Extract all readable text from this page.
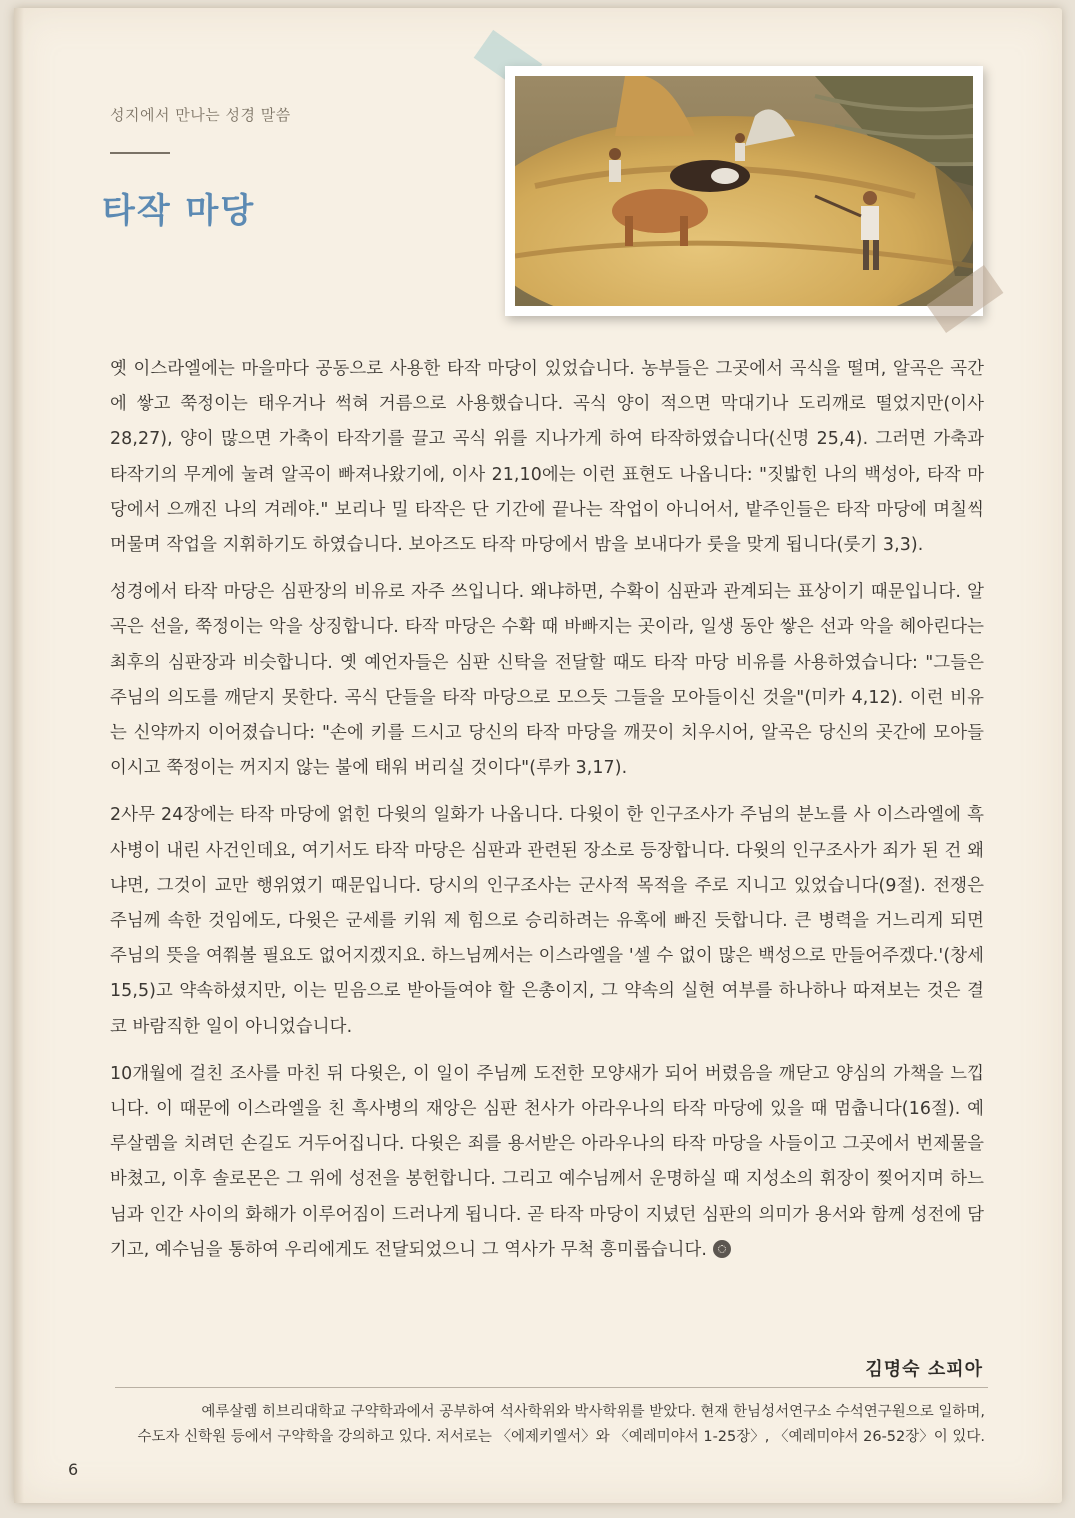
성지에서 만나는 성경 말씀
타작 마당

옛 이스라엘에는 마을마다 공동으로 사용한 타작 마당이 있었습니다. 농부들은 그곳에서 곡식을 떨며, 알곡은 곡간에 쌓고 쭉정이는 태우거나 썩혀 거름으로 사용했습니다. 곡식 양이 적으면 막대기나 도리깨로 떨었지만(이사 28,27), 양이 많으면 가축이 타작기를 끌고 곡식 위를 지나가게 하여 타작하였습니다(신명 25,4). 그러면 가축과 타작기의 무게에 눌려 알곡이 빠져나왔기에, 이사 21,10에는 이런 표현도 나옵니다: "짓밟힌 나의 백성아, 타작 마당에서 으깨진 나의 겨레야." 보리나 밀 타작은 단 기간에 끝나는 작업이 아니어서, 밭주인들은 타작 마당에 며칠씩 머물며 작업을 지휘하기도 하였습니다. 보아즈도 타작 마당에서 밤을 보내다가 룻을 맞게 됩니다(룻기 3,3).

성경에서 타작 마당은 심판장의 비유로 자주 쓰입니다. 왜냐하면, 수확이 심판과 관계되는 표상이기 때문입니다. 알곡은 선을, 쭉정이는 악을 상징합니다. 타작 마당은 수확 때 바빠지는 곳이라, 일생 동안 쌓은 선과 악을 헤아린다는 최후의 심판장과 비슷합니다. 옛 예언자들은 심판 신탁을 전달할 때도 타작 마당 비유를 사용하였습니다: "그들은 주님의 의도를 깨닫지 못한다. 곡식 단들을 타작 마당으로 모으듯 그들을 모아들이신 것을"(미카 4,12). 이런 비유는 신약까지 이어졌습니다: "손에 키를 드시고 당신의 타작 마당을 깨끗이 치우시어, 알곡은 당신의 곳간에 모아들이시고 쭉정이는 꺼지지 않는 불에 태워 버리실 것이다"(루카 3,17).

2사무 24장에는 타작 마당에 얽힌 다윗의 일화가 나옵니다. 다윗이 한 인구조사가 주님의 분노를 사 이스라엘에 흑사병이 내린 사건인데요, 여기서도 타작 마당은 심판과 관련된 장소로 등장합니다. 다윗의 인구조사가 죄가 된 건 왜냐면, 그것이 교만 행위였기 때문입니다. 당시의 인구조사는 군사적 목적을 주로 지니고 있었습니다(9절). 전쟁은 주님께 속한 것임에도, 다윗은 군세를 키워 제 힘으로 승리하려는 유혹에 빠진 듯합니다. 큰 병력을 거느리게 되면 주님의 뜻을 여쭤볼 필요도 없어지겠지요. 하느님께서는 이스라엘을 '셀 수 없이 많은 백성으로 만들어주겠다.'(창세 15,5)고 약속하셨지만, 이는 믿음으로 받아들여야 할 은총이지, 그 약속의 실현 여부를 하나하나 따져보는 것은 결코 바람직한 일이 아니었습니다.

10개월에 걸친 조사를 마친 뒤 다윗은, 이 일이 주님께 도전한 모양새가 되어 버렸음을 깨닫고 양심의 가책을 느낍니다. 이 때문에 이스라엘을 친 흑사병의 재앙은 심판 천사가 아라우나의 타작 마당에 있을 때 멈춥니다(16절). 예루살렘을 치려던 손길도 거두어집니다. 다윗은 죄를 용서받은 아라우나의 타작 마당을 사들이고 그곳에서 번제물을 바쳤고, 이후 솔로몬은 그 위에 성전을 봉헌합니다. 그리고 예수님께서 운명하실 때 지성소의 휘장이 찢어지며 하느님과 인간 사이의 화해가 이루어짐이 드러나게 됩니다. 곧 타작 마당이 지녔던 심판의 의미가 용서와 함께 성전에 담기고, 예수님을 통하여 우리에게도 전달되었으니 그 역사가 무척 흥미롭습니다.

김명숙 소피아
예루살렘 히브리대학교 구약학과에서 공부하여 석사학위와 박사학위를 받았다. 현재 한님성서연구소 수석연구원으로 일하며,
수도자 신학원 등에서 구약학을 강의하고 있다. 저서로는 〈에제키엘서〉와 〈예레미야서 1-25장〉, 〈예레미야서 26-52장〉이 있다.
6
